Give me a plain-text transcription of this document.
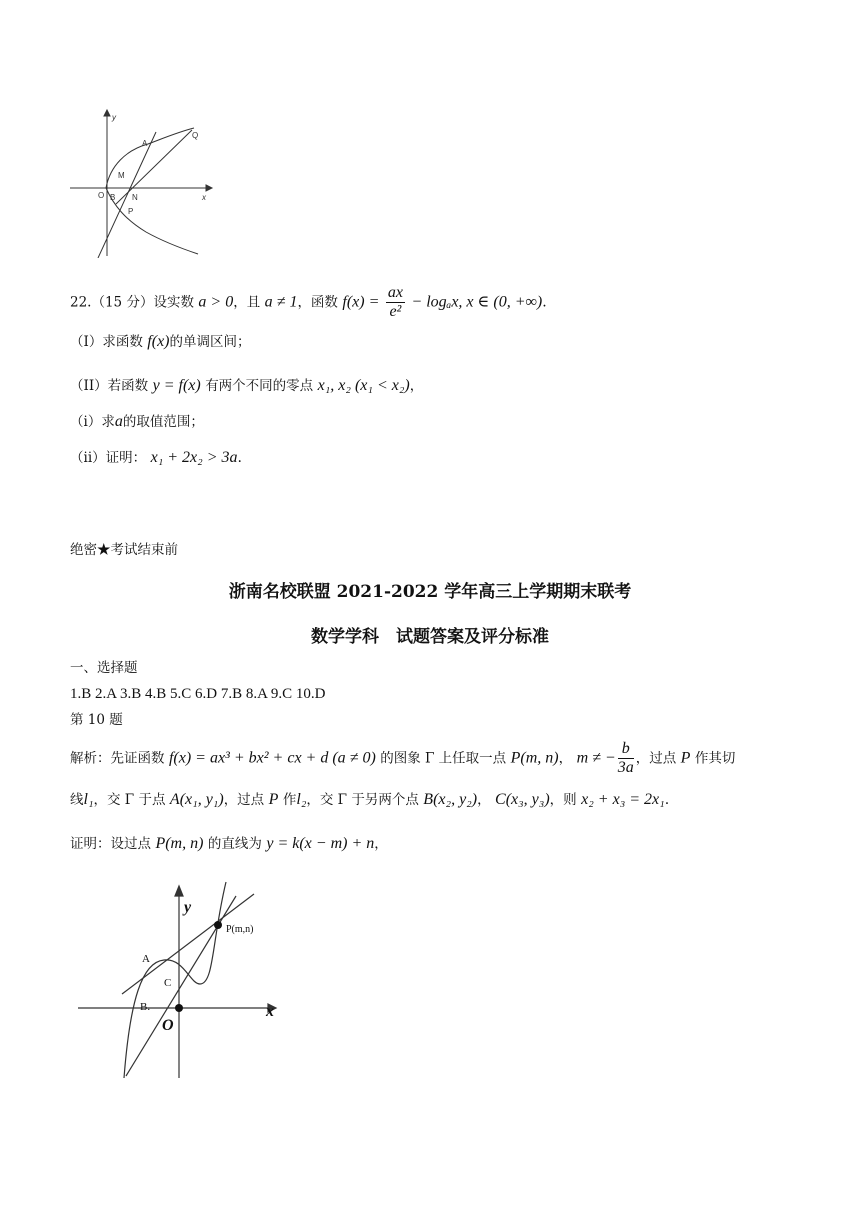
y
x
A
Q
M
O B N
P
22.（15 分）设实数 a > 0，且 a ≠ 1，函数 $f(x) = \frac{ax}{\text{e²}} - \log_ax$, x ∈ (0, +∞).
（I）求函数 f(x)的单调区间；
（II）若函数 y = f(x) 有两个不同的零点 x₁, x₂ (x₁ < x₂)，
（i）求a的取值范围；
（ii）证明： x₁ + 2x₂ > 3a.
绝密★考试结束前
浙南名校联盟 2021-2022 学年高三上学期期末联考
数学学科　试题答案及评分标准
一、选择题
1.B 2.A 3.B 4.B 5.C 6.D 7.B 8.A 9.C 10.D
第 10 题
解析：先证函数 f(x) = ax³ + bx² + cx + d (a ≠ 0) 的图象 Γ 上任取一点 P(m, n)， m ≠ − $\frac{b}{3a}$ ，过点 P 作其切
线l₁，交 Γ 于点 A(x₁, y₁)，过点 P 作l₂，交 Γ 于另两个点 B(x₂, y₂)， C(x₃, y₃)，则 x₂ + x₃ = 2x₁.
证明：设过点 P(m, n) 的直线为 y = k(x − m) + n，
y
x
O
A
C
B.
P(m,n)
